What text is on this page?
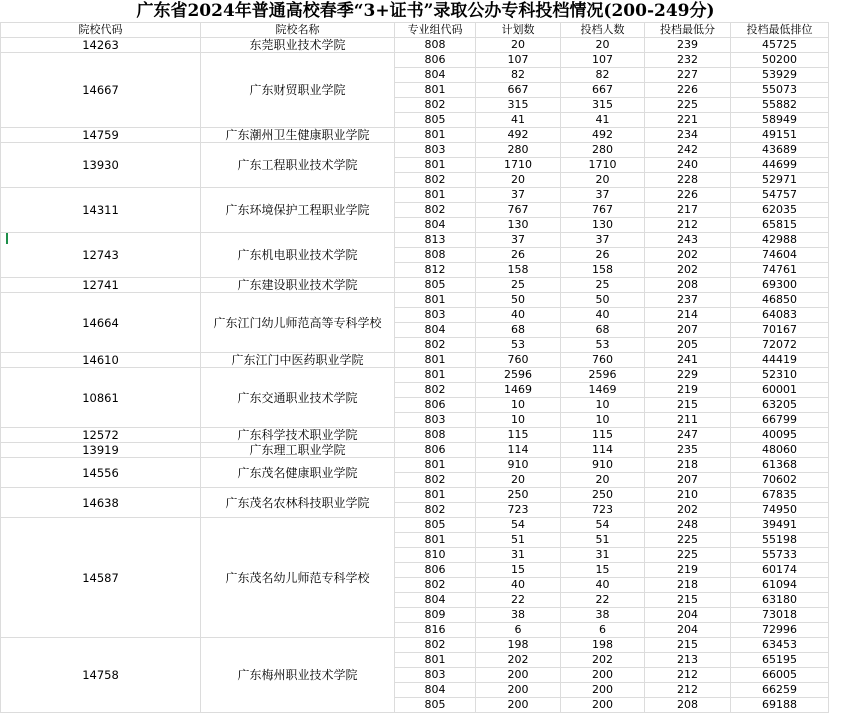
广东省2024年普通高校春季“3+证书”录取公办专科投档情况(200-249分)
院校代码	院校名称	专业组代码	计划数	投档人数	投档最低分	投档最低排位
14263	东莞职业技术学院	808	20	20	239	45725
14667	广东财贸职业学院	806	107	107	232	50200
		804	82	82	227	53929
		801	667	667	226	55073
		802	315	315	225	55882
		805	41	41	221	58949
14759	广东潮州卫生健康职业学院	801	492	492	234	49151
13930	广东工程职业技术学院	803	280	280	242	43689
		801	1710	1710	240	44699
		802	20	20	228	52971
14311	广东环境保护工程职业学院	801	37	37	226	54757
		802	767	767	217	62035
		804	130	130	212	65815
12743	广东机电职业技术学院	813	37	37	243	42988
		808	26	26	202	74604
		812	158	158	202	74761
12741	广东建设职业技术学院	805	25	25	208	69300
14664	广东江门幼儿师范高等专科学校	801	50	50	237	46850
		803	40	40	214	64083
		804	68	68	207	70167
		802	53	53	205	72072
14610	广东江门中医药职业学院	801	760	760	241	44419
10861	广东交通职业技术学院	801	2596	2596	229	52310
		802	1469	1469	219	60001
		806	10	10	215	63205
		803	10	10	211	66799
12572	广东科学技术职业学院	808	115	115	247	40095
13919	广东理工职业学院	806	114	114	235	48060
14556	广东茂名健康职业学院	801	910	910	218	61368
		802	20	20	207	70602
14638	广东茂名农林科技职业学院	801	250	250	210	67835
		802	723	723	202	74950
14587	广东茂名幼儿师范专科学校	805	54	54	248	39491
		801	51	51	225	55198
		810	31	31	225	55733
		806	15	15	219	60174
		802	40	40	218	61094
		804	22	22	215	63180
		809	38	38	204	73018
		816	6	6	204	72996
14758	广东梅州职业技术学院	802	198	198	215	63453
		801	202	202	213	65195
		803	200	200	212	66005
		804	200	200	212	66259
		805	200	200	208	69188
